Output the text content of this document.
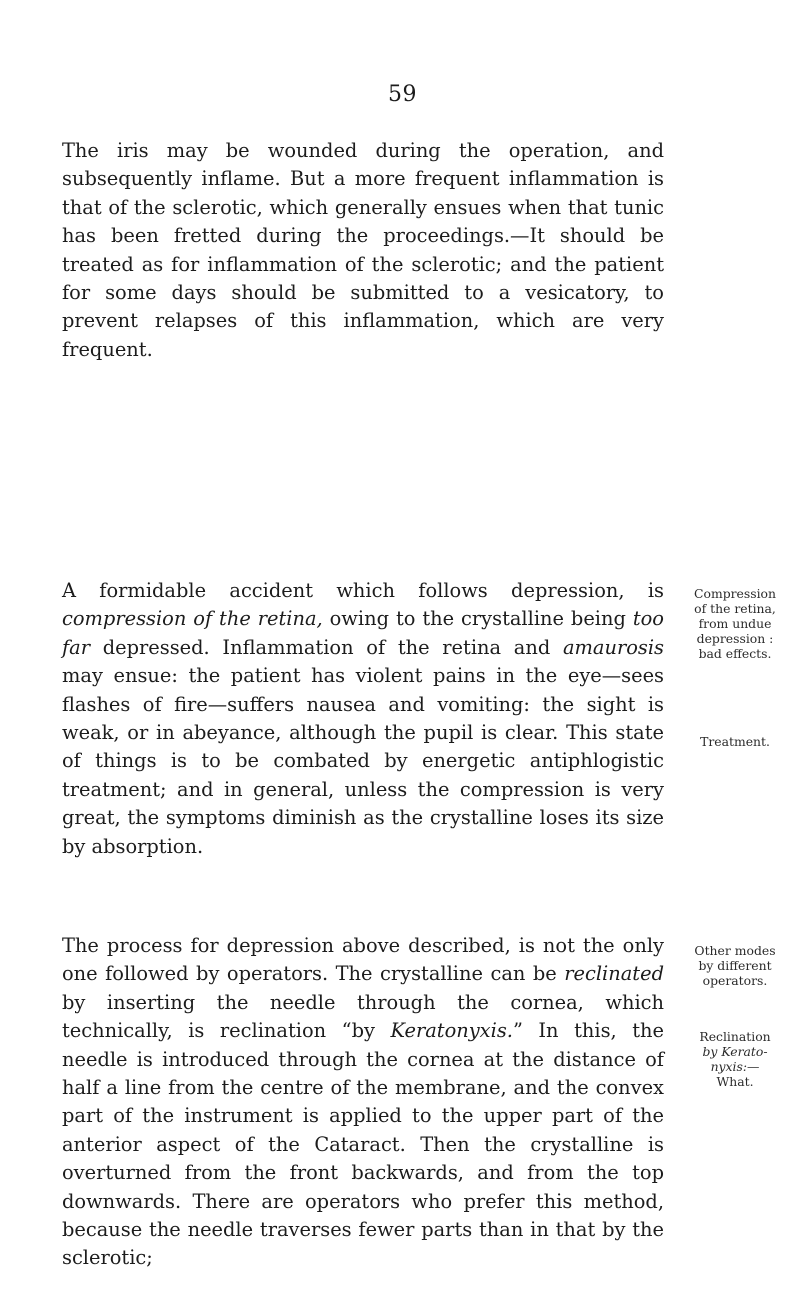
59

The iris may be wounded during the operation, and subsequently inflame. But a more frequent inflammation is that of the sclerotic, which generally ensues when that tunic has been fretted during the proceedings.—It should be treated as for inflammation of the sclerotic; and the patient for some days should be submitted to a vesicatory, to prevent relapses of this inflammation, which are very frequent.

A formidable accident which follows depression, is compression of the retina, owing to the crystalline being too far depressed. Inflammation of the retina and amaurosis may ensue: the patient has violent pains in the eye—sees flashes of fire—suffers nausea and vomiting: the sight is weak, or in abeyance, although the pupil is clear. This state of things is to be combated by energetic antiphlogistic treatment; and in general, unless the compression is very great, the symptoms diminish as the crystalline loses its size by absorption.

The process for depression above described, is not the only one followed by operators. The crystalline can be reclinated by inserting the needle through the cornea, which technically, is reclination “by Keratonyxis.” In this, the needle is introduced through the cornea at the distance of half a line from the centre of the membrane, and the convex part of the instrument is applied to the upper part of the anterior aspect of the Cataract. Then the crystalline is overturned from the front backwards, and from the top downwards. There are operators who prefer this method, because the needle traverses fewer parts than in that by the sclerotic;

Compression
of the retina,
from undue
depression :
bad effects.
Treatment.
Other modes
by different
operators.
Reclination
by Kerato-
nyxis:—
What.
